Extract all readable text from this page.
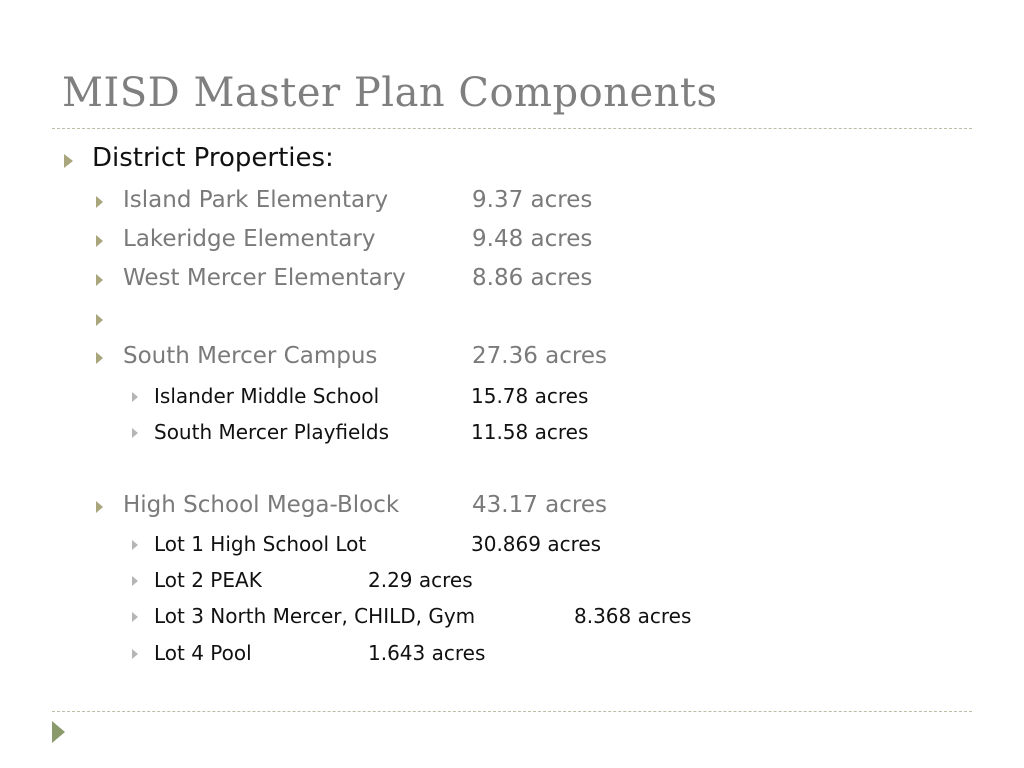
MISD Master Plan Components
District Properties:
Island Park Elementary	9.37 acres
Lakeridge Elementary	9.48 acres
West Mercer Elementary	8.86 acres
South Mercer Campus	27.36 acres
Islander Middle School	15.78 acres
South Mercer Playfields	11.58 acres
High School Mega-Block	43.17 acres
Lot 1 High School Lot	30.869 acres
Lot 2 PEAK	2.29 acres
Lot 3 North Mercer, CHILD, Gym	8.368 acres
Lot 4 Pool	1.643 acres
